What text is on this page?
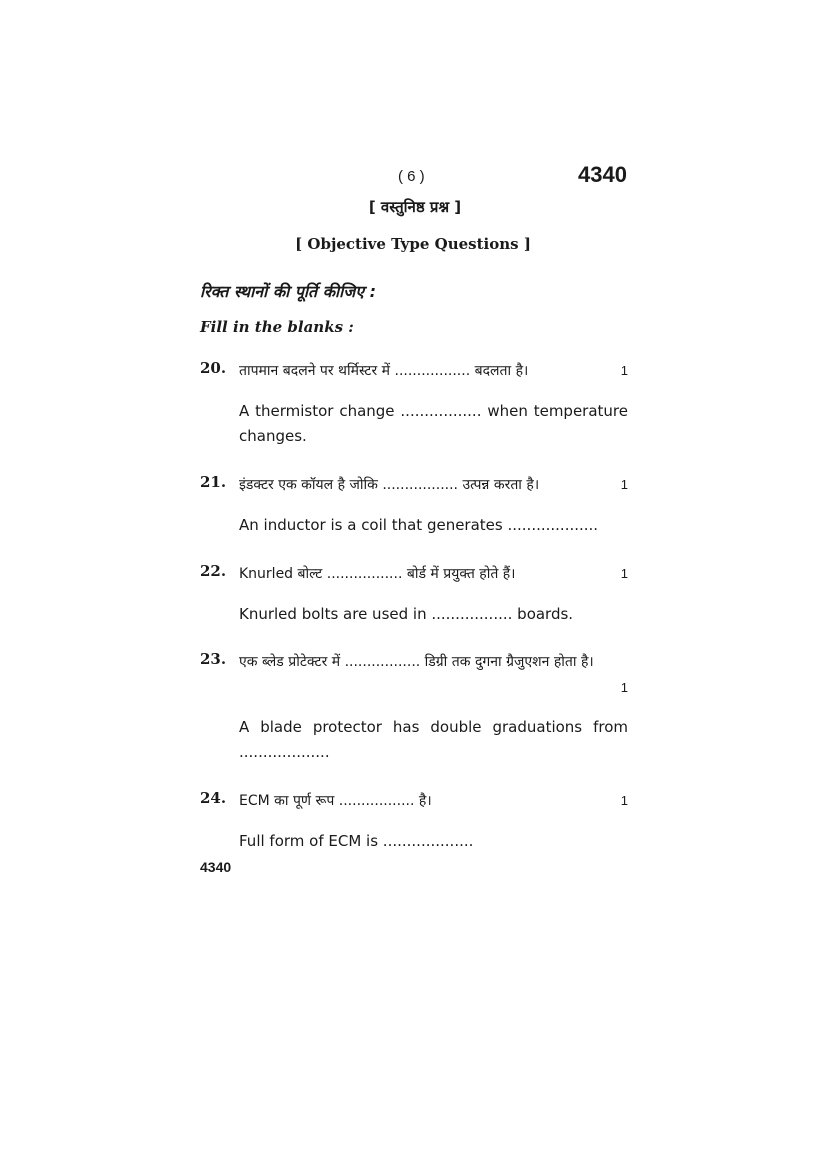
( 6 )	4340
[ वस्तुनिष्ठ प्रश्न ]
[ Objective Type Questions ]
रिक्त स्थानों की पूर्ति कीजिए :
Fill in the blanks :
20. तापमान बदलने पर थर्मिस्टर में ................. बदलता है।	1
A thermistor change ................. when temperature changes.
21. इंडक्टर एक कॉयल है जोकि ................. उत्पन्न करता है।	1
An inductor is a coil that generates ...................
22. Knurled बोल्ट ................. बोर्ड में प्रयुक्त होते हैं।	1
Knurled bolts are used in ................. boards.
23. एक ब्लेड प्रोटेक्टर में ................. डिग्री तक दुगना ग्रैजुएशन होता है।
1
A blade protector has double graduations from ...................
24. ECM का पूर्ण रूप ................. है।	1
Full form of ECM is ...................
4340
